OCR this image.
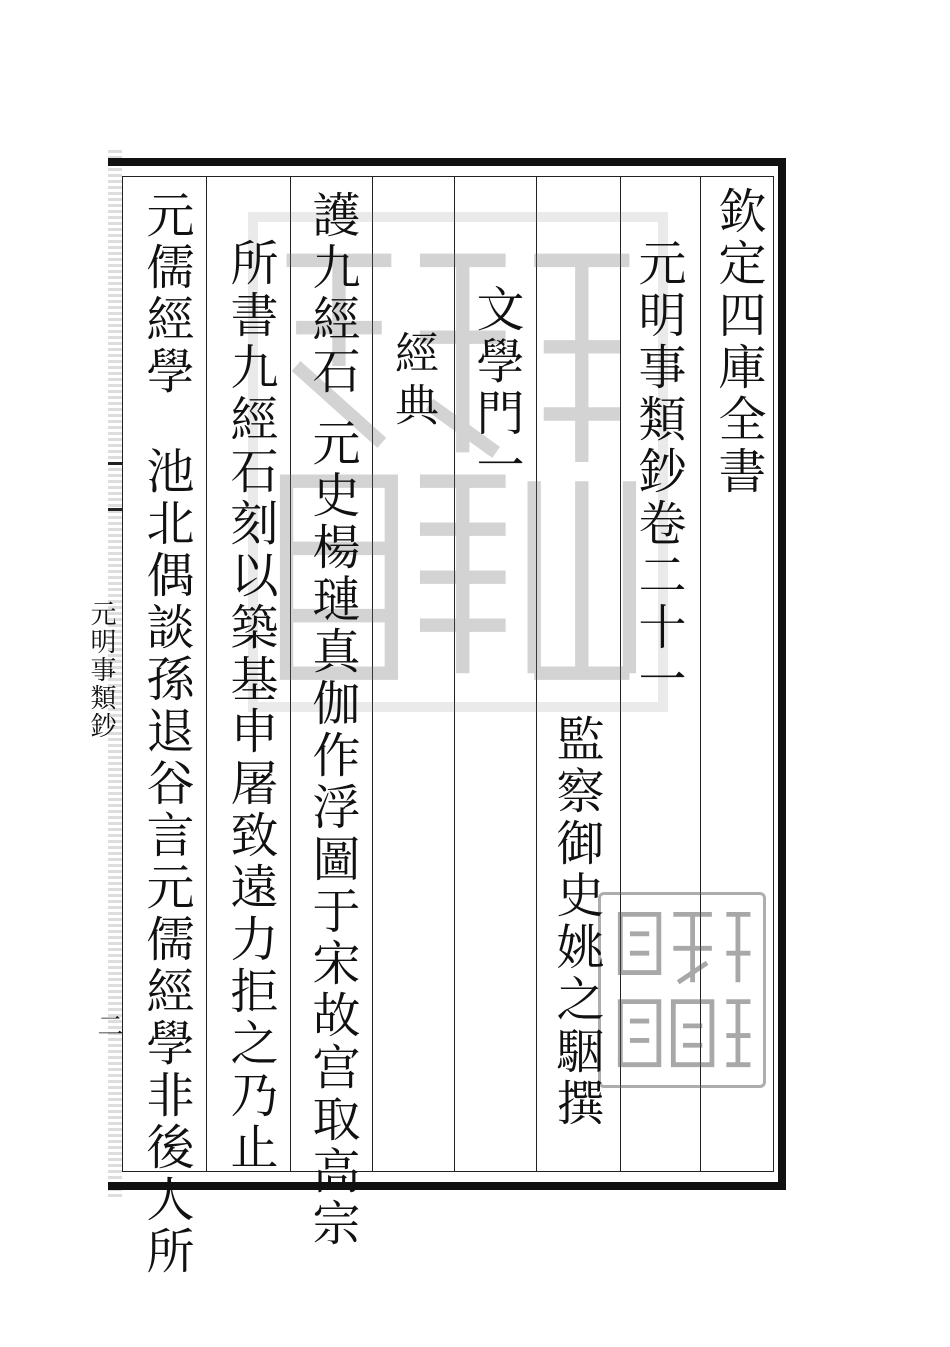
元明事類鈔
二
欽定四庫全書
元明事類鈔卷二十一
監察御史姚之駰撰
文學門一
經典
護九經石元史楊璉真伽作浮圖于宋故宫取高宗
所書九經石刻以築基申屠致遠力拒之乃止
元儒經學池北偶談孫退谷言元儒經學非後人所
